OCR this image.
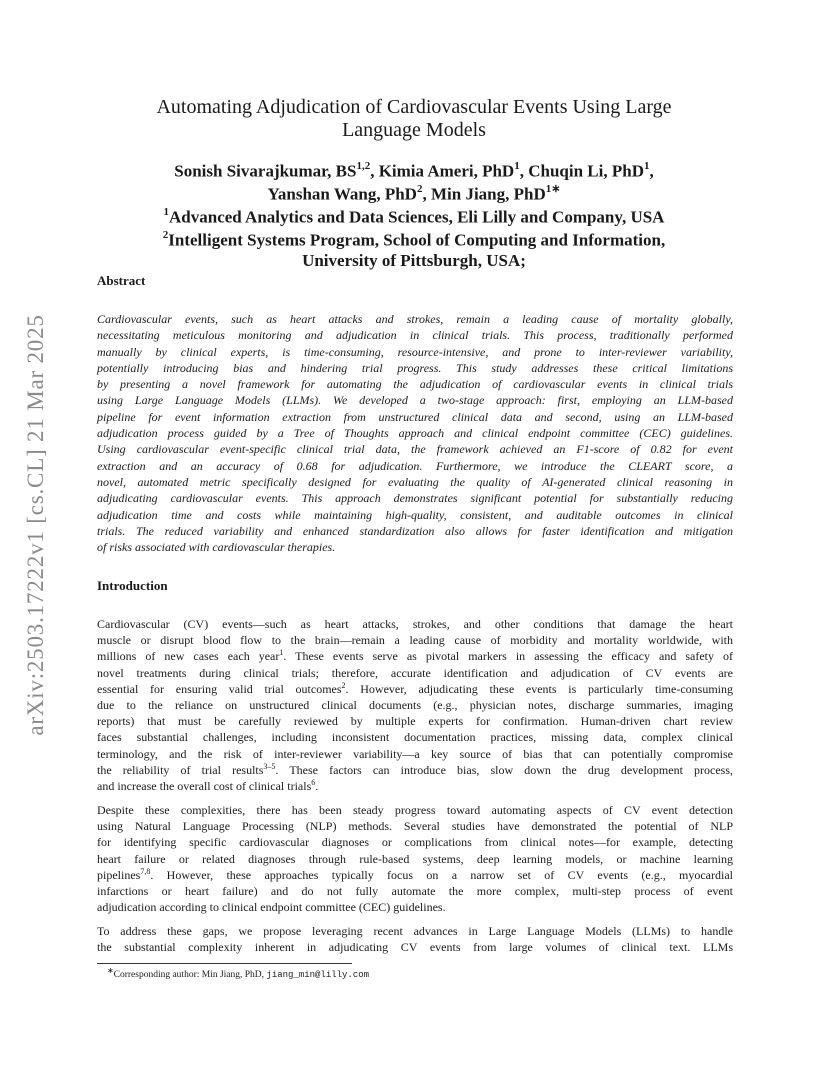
arXiv:2503.17222v1 [cs.CL] 21 Mar 2025
Automating Adjudication of Cardiovascular Events Using Large
Language Models
Sonish Sivarajkumar, BS$^{1,2}$, Kimia Ameri, PhD$^1$, Chuqin Li, PhD$^1$,
Yanshan Wang, PhD$^2$, Min Jiang, PhD$^{1∗}$
$^1$Advanced Analytics and Data Sciences, Eli Lilly and Company, USA
$^2$Intelligent Systems Program, School of Computing and Information,
University of Pittsburgh, USA;
Abstract
Cardiovascular events, such as heart attacks and strokes, remain a leading cause of mortality globally,
necessitating meticulous monitoring and adjudication in clinical trials. This process, traditionally performed
manually by clinical experts, is time-consuming, resource-intensive, and prone to inter-reviewer variability,
potentially introducing bias and hindering trial progress. This study addresses these critical limitations
by presenting a novel framework for automating the adjudication of cardiovascular events in clinical trials
using Large Language Models (LLMs). We developed a two-stage approach: first, employing an LLM-based
pipeline for event information extraction from unstructured clinical data and second, using an LLM-based
adjudication process guided by a Tree of Thoughts approach and clinical endpoint committee (CEC) guidelines.
Using cardiovascular event-specific clinical trial data, the framework achieved an F1-score of 0.82 for event
extraction and an accuracy of 0.68 for adjudication. Furthermore, we introduce the CLEART score, a
novel, automated metric specifically designed for evaluating the quality of AI-generated clinical reasoning in
adjudicating cardiovascular events. This approach demonstrates significant potential for substantially reducing
adjudication time and costs while maintaining high-quality, consistent, and auditable outcomes in clinical
trials. The reduced variability and enhanced standardization also allows for faster identification and mitigation
of risks associated with cardiovascular therapies.
Introduction
Cardiovascular (CV) events—such as heart attacks, strokes, and other conditions that damage the heart
muscle or disrupt blood flow to the brain—remain a leading cause of morbidity and mortality worldwide, with
millions of new cases each year$^1$. These events serve as pivotal markers in assessing the efficacy and safety of
novel treatments during clinical trials; therefore, accurate identification and adjudication of CV events are
essential for ensuring valid trial outcomes$^2$. However, adjudicating these events is particularly time-consuming
due to the reliance on unstructured clinical documents (e.g., physician notes, discharge summaries, imaging
reports) that must be carefully reviewed by multiple experts for confirmation. Human-driven chart review
faces substantial challenges, including inconsistent documentation practices, missing data, complex clinical
terminology, and the risk of inter-reviewer variability—a key source of bias that can potentially compromise
the reliability of trial results$^{3-5}$. These factors can introduce bias, slow down the drug development process,
and increase the overall cost of clinical trials$^6$.
Despite these complexities, there has been steady progress toward automating aspects of CV event detection
using Natural Language Processing (NLP) methods. Several studies have demonstrated the potential of NLP
for identifying specific cardiovascular diagnoses or complications from clinical notes—for example, detecting
heart failure or related diagnoses through rule-based systems, deep learning models, or machine learning
pipelines$^{7,8}$. However, these approaches typically focus on a narrow set of CV events (e.g., myocardial
infarctions or heart failure) and do not fully automate the more complex, multi-step process of event
adjudication according to clinical endpoint committee (CEC) guidelines.
To address these gaps, we propose leveraging recent advances in Large Language Models (LLMs) to handle
the substantial complexity inherent in adjudicating CV events from large volumes of clinical text. LLMs
∗Corresponding author: Min Jiang, PhD, jiang_min@lilly.com
